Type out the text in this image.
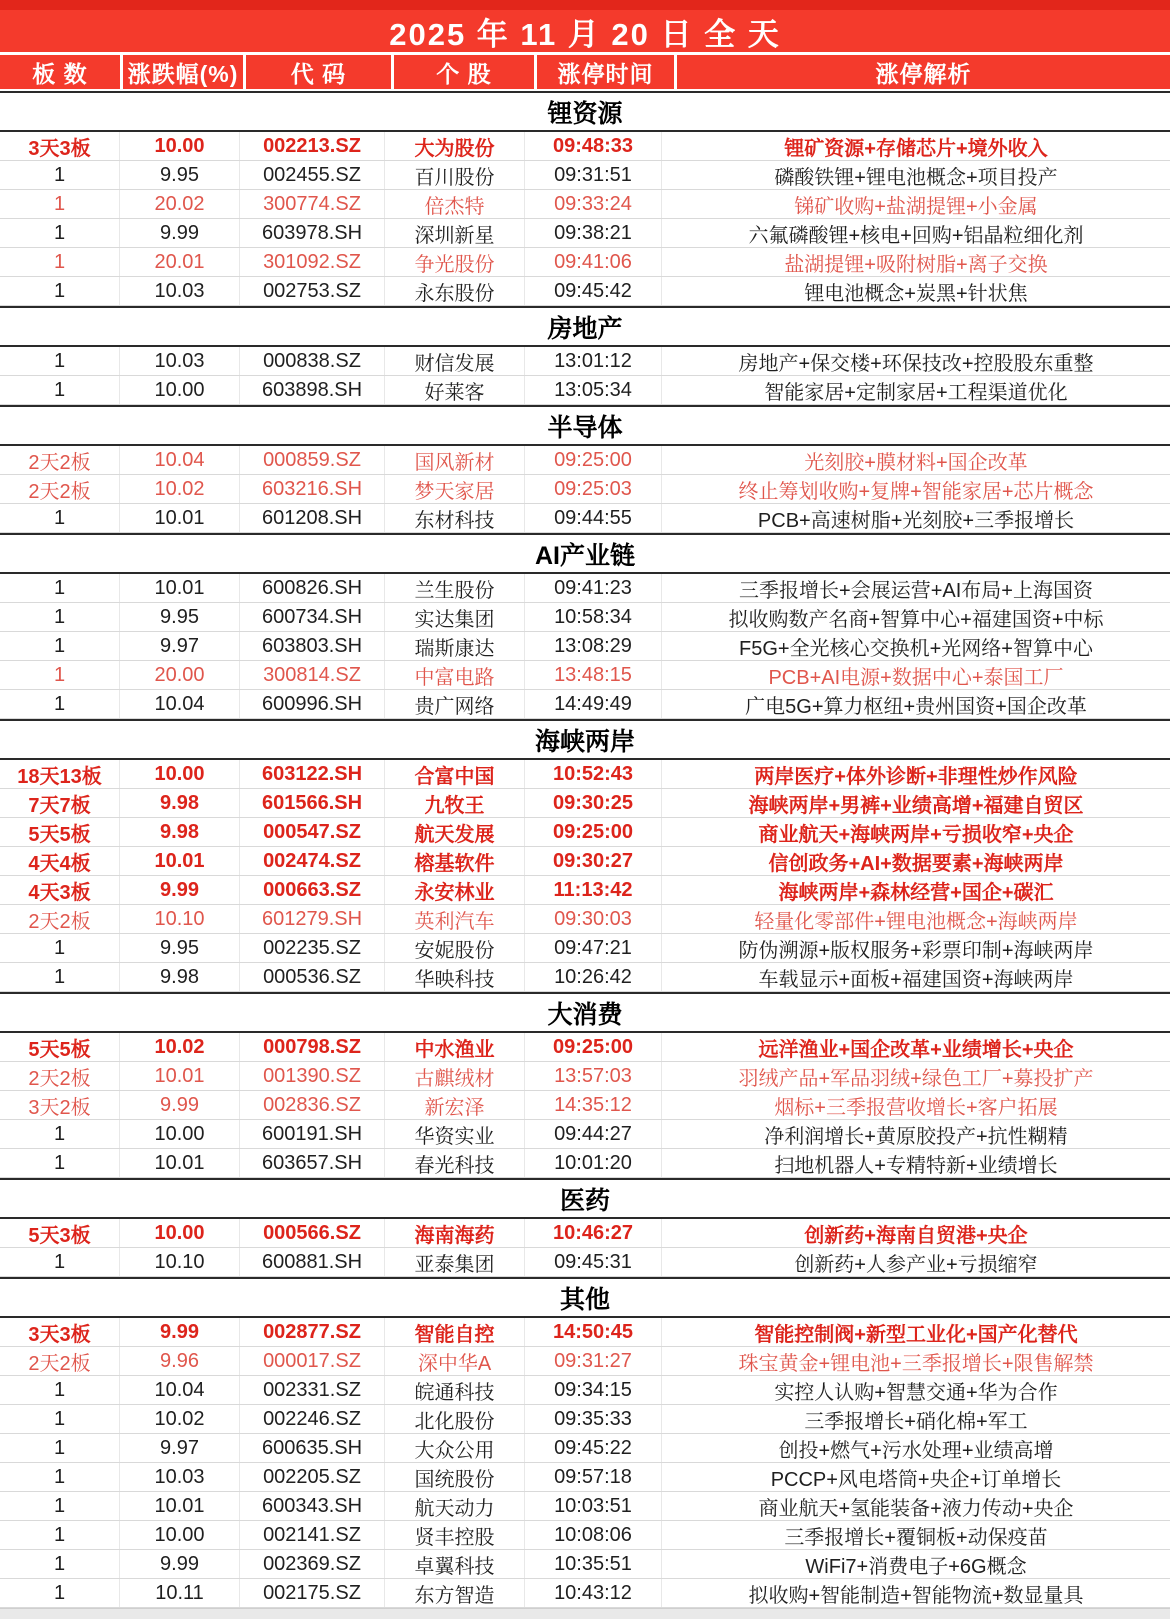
2025 年 11 月 20 日 全 天
板 数	涨跌幅(%)	代 码	个 股	涨停时间	涨停解析
锂资源
3天3板	10.00	002213.SZ	大为股份	09:48:33	锂矿资源+存储芯片+境外收入
1	9.95	002455.SZ	百川股份	09:31:51	磷酸铁锂+锂电池概念+项目投产
1	20.02	300774.SZ	倍杰特	09:33:24	锑矿收购+盐湖提锂+小金属
1	9.99	603978.SH	深圳新星	09:38:21	六氟磷酸锂+核电+回购+铝晶粒细化剂
1	20.01	301092.SZ	争光股份	09:41:06	盐湖提锂+吸附树脂+离子交换
1	10.03	002753.SZ	永东股份	09:45:42	锂电池概念+炭黑+针状焦
房地产
1	10.03	000838.SZ	财信发展	13:01:12	房地产+保交楼+环保技改+控股股东重整
1	10.00	603898.SH	好莱客	13:05:34	智能家居+定制家居+工程渠道优化
半导体
2天2板	10.04	000859.SZ	国风新材	09:25:00	光刻胶+膜材料+国企改革
2天2板	10.02	603216.SH	梦天家居	09:25:03	终止筹划收购+复牌+智能家居+芯片概念
1	10.01	601208.SH	东材科技	09:44:55	PCB+高速树脂+光刻胶+三季报增长
AI产业链
1	10.01	600826.SH	兰生股份	09:41:23	三季报增长+会展运营+AI布局+上海国资
1	9.95	600734.SH	实达集团	10:58:34	拟收购数产名商+智算中心+福建国资+中标
1	9.97	603803.SH	瑞斯康达	13:08:29	F5G+全光核心交换机+光网络+智算中心
1	20.00	300814.SZ	中富电路	13:48:15	PCB+AI电源+数据中心+泰国工厂
1	10.04	600996.SH	贵广网络	14:49:49	广电5G+算力枢纽+贵州国资+国企改革
海峡两岸
18天13板	10.00	603122.SH	合富中国	10:52:43	两岸医疗+体外诊断+非理性炒作风险
7天7板	9.98	601566.SH	九牧王	09:30:25	海峡两岸+男裤+业绩高增+福建自贸区
5天5板	9.98	000547.SZ	航天发展	09:25:00	商业航天+海峡两岸+亏损收窄+央企
4天4板	10.01	002474.SZ	榕基软件	09:30:27	信创政务+AI+数据要素+海峡两岸
4天3板	9.99	000663.SZ	永安林业	11:13:42	海峡两岸+森林经营+国企+碳汇
2天2板	10.10	601279.SH	英利汽车	09:30:03	轻量化零部件+锂电池概念+海峡两岸
1	9.95	002235.SZ	安妮股份	09:47:21	防伪溯源+版权服务+彩票印制+海峡两岸
1	9.98	000536.SZ	华映科技	10:26:42	车载显示+面板+福建国资+海峡两岸
大消费
5天5板	10.02	000798.SZ	中水渔业	09:25:00	远洋渔业+国企改革+业绩增长+央企
2天2板	10.01	001390.SZ	古麒绒材	13:57:03	羽绒产品+军品羽绒+绿色工厂+募投扩产
3天2板	9.99	002836.SZ	新宏泽	14:35:12	烟标+三季报营收增长+客户拓展
1	10.00	600191.SH	华资实业	09:44:27	净利润增长+黄原胶投产+抗性糊精
1	10.01	603657.SH	春光科技	10:01:20	扫地机器人+专精特新+业绩增长
医药
5天3板	10.00	000566.SZ	海南海药	10:46:27	创新药+海南自贸港+央企
1	10.10	600881.SH	亚泰集团	09:45:31	创新药+人参产业+亏损缩窄
其他
3天3板	9.99	002877.SZ	智能自控	14:50:45	智能控制阀+新型工业化+国产化替代
2天2板	9.96	000017.SZ	深中华A	09:31:27	珠宝黄金+锂电池+三季报增长+限售解禁
1	10.04	002331.SZ	皖通科技	09:34:15	实控人认购+智慧交通+华为合作
1	10.02	002246.SZ	北化股份	09:35:33	三季报增长+硝化棉+军工
1	9.97	600635.SH	大众公用	09:45:22	创投+燃气+污水处理+业绩高增
1	10.03	002205.SZ	国统股份	09:57:18	PCCP+风电塔筒+央企+订单增长
1	10.01	600343.SH	航天动力	10:03:51	商业航天+氢能装备+液力传动+央企
1	10.00	002141.SZ	贤丰控股	10:08:06	三季报增长+覆铜板+动保疫苗
1	9.99	002369.SZ	卓翼科技	10:35:51	WiFi7+消费电子+6G概念
1	10.11	002175.SZ	东方智造	10:43:12	拟收购+智能制造+智能物流+数显量具
